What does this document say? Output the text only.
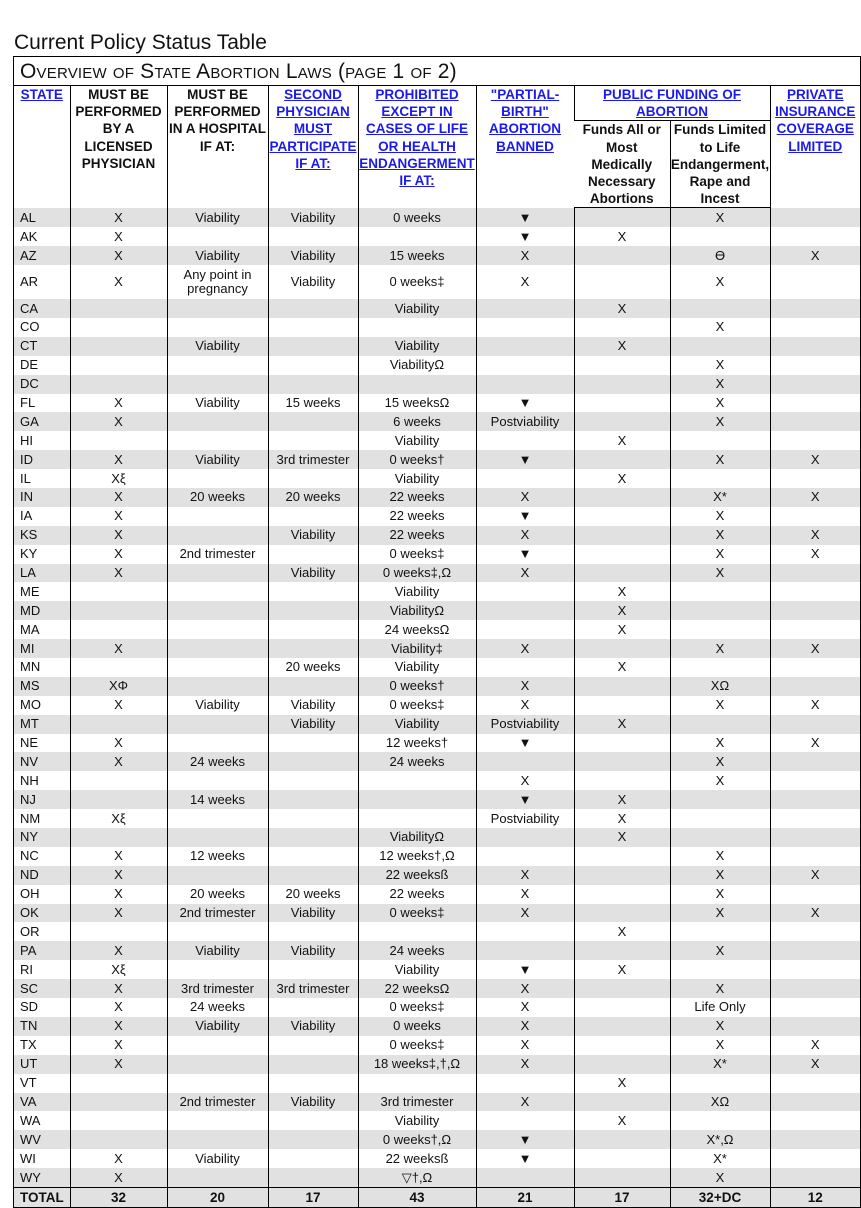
Current Policy Status Table
Overview of State Abortion Laws (page 1 of 2)
STATE	MUST BE PERFORMED BY A LICENSED PHYSICIAN	MUST BE PERFORMED IN A HOSPITAL IF AT:	SECOND PHYSICIAN MUST PARTICIPATE IF AT:	PROHIBITED EXCEPT IN CASES OF LIFE OR HEALTH ENDANGERMENT IF AT:	"PARTIAL-BIRTH" ABORTION BANNED	PUBLIC FUNDING OF ABORTION		PRIVATE INSURANCE COVERAGE LIMITED
						Funds All or Most Medically Necessary Abortions	Funds Limited to Life Endangerment, Rape and Incest	
AL	X	Viability	Viability	0 weeks	▼		X	
AK	X				▼	X		
AZ	X	Viability	Viability	15 weeks	X		ϴ	X
AR	X	Any point in pregnancy	Viability	0 weeks‡	X		X	
CA				Viability		X		
CO							X	
CT		Viability		Viability		X		
DE				ViabilityΩ			X	
DC							X	
FL	X	Viability	15 weeks	15 weeksΩ	▼		X	
GA	X			6 weeks	Postviability		X	
HI				Viability		X		
ID	X	Viability	3rd trimester	0 weeks†	▼		X	X
IL	Xξ			Viability		X		
IN	X	20 weeks	20 weeks	22 weeks	X		X*	X
IA	X			22 weeks	▼		X	
KS	X		Viability	22 weeks	X		X	X
KY	X	2nd trimester		0 weeks‡	▼		X	X
LA	X		Viability	0 weeks‡,Ω	X		X	
ME				Viability		X		
MD				ViabilityΩ		X		
MA				24 weeksΩ		X		
MI	X			Viability‡	X		X	X
MN			20 weeks	Viability		X		
MS	XΦ			0 weeks†	X		XΩ	
MO	X	Viability	Viability	0 weeks‡	X		X	X
MT			Viability	Viability	Postviability	X		
NE	X			12 weeks†	▼		X	X
NV	X	24 weeks		24 weeks			X	
NH					X		X	
NJ		14 weeks			▼	X		
NM	Xξ				Postviability	X		
NY				ViabilityΩ		X		
NC	X	12 weeks		12 weeks†,Ω			X	
ND	X			22 weeksß	X		X	X
OH	X	20 weeks	20 weeks	22 weeks	X		X	
OK	X	2nd trimester	Viability	0 weeks‡	X		X	X
OR						X		
PA	X	Viability	Viability	24 weeks			X	
RI	Xξ			Viability	▼	X		
SC	X	3rd trimester	3rd trimester	22 weeksΩ	X		X	
SD	X	24 weeks		0 weeks‡	X		Life Only	
TN	X	Viability	Viability	0 weeks	X		X	
TX	X			0 weeks‡	X		X	X
UT	X			18 weeks‡,†,Ω	X		X*	X
VT						X		
VA		2nd trimester	Viability	3rd trimester	X		XΩ	
WA				Viability		X		
WV				0 weeks†,Ω	▼		X*,Ω	
WI	X	Viability		22 weeksß	▼		X*	
WY	X			▽†,Ω			X	
TOTAL	32	20	17	43	21	17	32+DC	12
